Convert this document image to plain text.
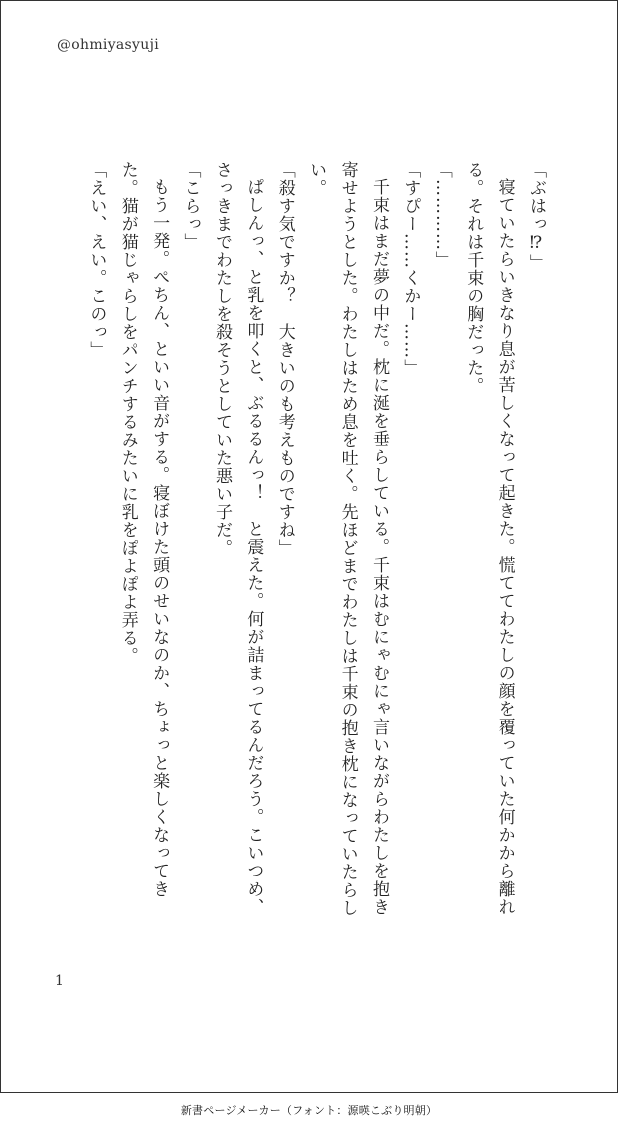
@ohmiyasyuji

「ぶはっ⁉」

寝ていたらいきなり息が苦しくなって起きた。慌ててわたしの顔を覆っていた何かから離れる。それは千束の胸だった。

「…………」

「すぴー……くかー……」

千束はまだ夢の中だ。枕に涎を垂らしている。千束はむにゃむにゃ言いながらわたしを抱き寄せようとした。わたしはため息を吐く。先ほどまでわたしは千束の抱き枕になっていたらしい。

「殺す気ですか？　大きいのも考えものですね」

ぱしんっ、と乳を叩くと、ぶるるんっ！　と震えた。何が詰まってるんだろう。こいつめ、さっきまでわたしを殺そうとしていた悪い子だ。

「こらっ」

もう一発。ぺちん、といい音がする。寝ぼけた頭のせいなのか、ちょっと楽しくなってきた。猫が猫じゃらしをパンチするみたいに乳をぽよぽよ弄る。

「えい、えい。このっ」

1
新書ページメーカー（フォント：源暎こぶり明朝）
